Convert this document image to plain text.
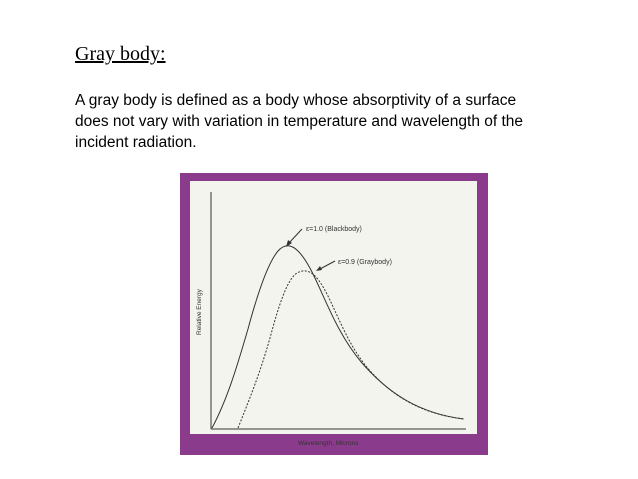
Gray body:

A gray body is defined as a body whose absorptivity of a surface does not vary with variation in temperature and wavelength of the incident radiation.

ε=1.0 (Blackbody)
ε=0.9 (Graybody)
Relative Energy
Wavelength, Microns
